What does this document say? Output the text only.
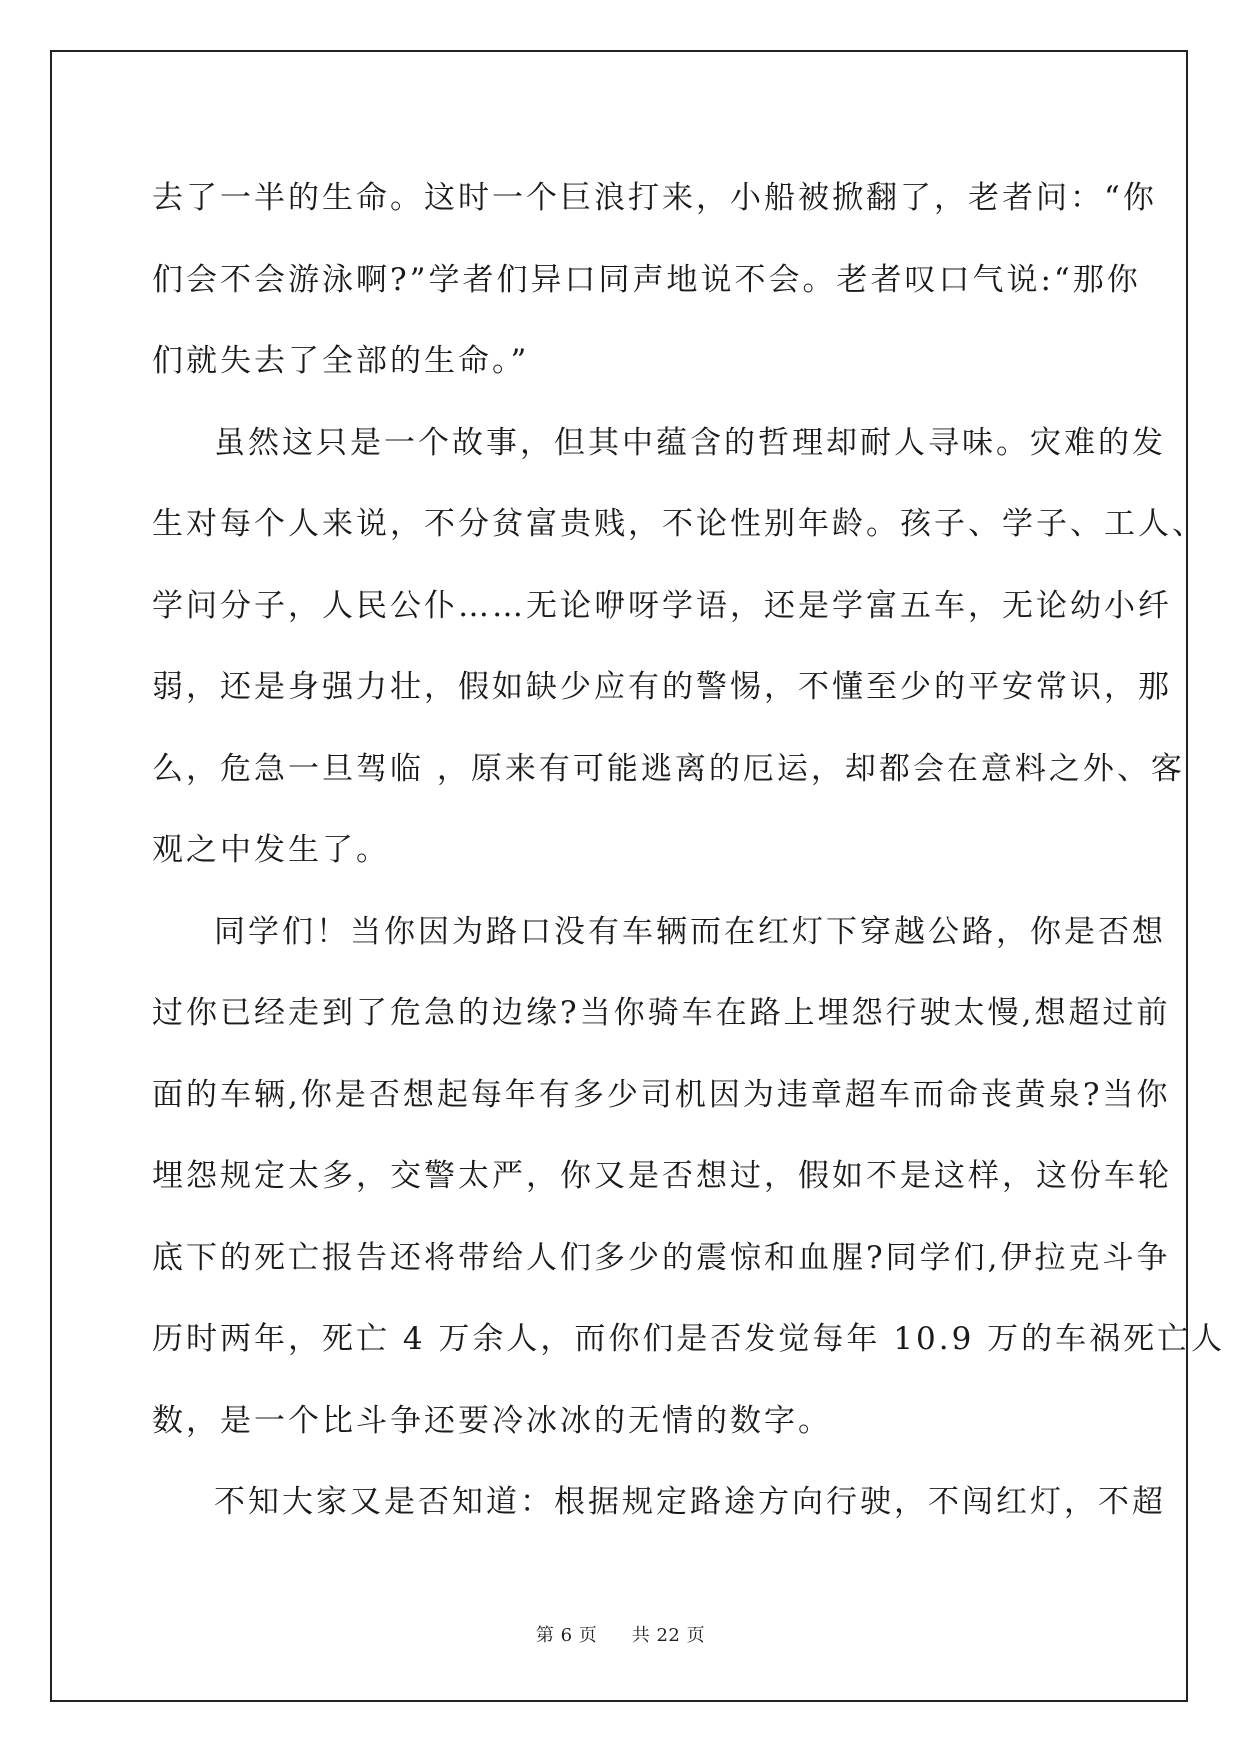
去了一半的生命。这时一个巨浪打来，小船被掀翻了，老者问：“你
们会不会游泳啊?”学者们异口同声地说不会。老者叹口气说:“那你
们就失去了全部的生命。”

虽然这只是一个故事，但其中蕴含的哲理却耐人寻味。灾难的发
生对每个人来说，不分贫富贵贱，不论性别年龄。孩子、学子、工人、
学问分子，人民公仆……无论咿呀学语，还是学富五车，无论幼小纤
弱，还是身强力壮，假如缺少应有的警惕，不懂至少的平安常识，那
么，危急一旦驾临 ，原来有可能逃离的厄运，却都会在意料之外、客
观之中发生了。

同学们！当你因为路口没有车辆而在红灯下穿越公路，你是否想
过你已经走到了危急的边缘?当你骑车在路上埋怨行驶太慢,想超过前
面的车辆,你是否想起每年有多少司机因为违章超车而命丧黄泉?当你
埋怨规定太多，交警太严，你又是否想过，假如不是这样，这份车轮
底下的死亡报告还将带给人们多少的震惊和血腥?同学们,伊拉克斗争
历时两年，死亡 4 万余人，而你们是否发觉每年 10.9 万的车祸死亡人
数，是一个比斗争还要冷冰冰的无情的数字。

不知大家又是否知道：根据规定路途方向行驶，不闯红灯，不超

第 6 页 共 22 页
